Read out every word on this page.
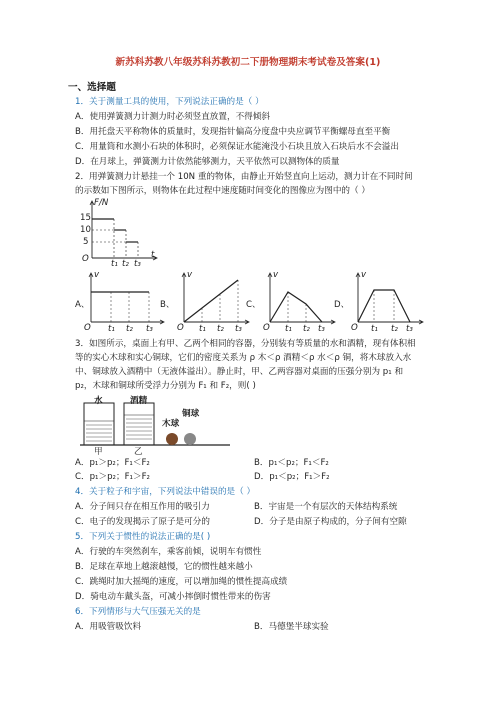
新苏科苏教八年级苏科苏教初二下册物理期末考试卷及答案(1)
一、选择题
1．关于测量工具的使用，下列说法正确的是（ ）
A．使用弹簧测力计测力时必须竖直放置，不得倾斜
B．用托盘天平称物体的质量时，发现指针偏高分度盘中央应调节平衡螺母直至平衡
C．用量筒和水测小石块的体积时，必须保证水能淹没小石块且放入石块后水不会溢出
D．在月球上，弹簧测力计依然能够测力，天平依然可以测物体的质量
2．用弹簧测力计悬挂一个 10N 重的物体，由静止开始竖直向上运动，测力计在不同时间
的示数如下图所示，则物体在此过程中速度随时间变化的图像应为图中的（ ）
F/N
15
10
5
O	t
t₁ t₂ t₃
A、
v
O t₁ t₂ t₃
B、
v
O t₁ t₂ t₃
C、
v
O t₁ t₂ t₃
D、
v
O t₁ t₂ t₃
3．如图所示，桌面上有甲、乙两个相同的容器，分别装有等质量的水和酒精，现有体积相
等的实心木球和实心铜球，它们的密度关系为 ρ 木＜ρ 酒精＜ρ 水＜ρ 铜，将木球放入水
中、铜球放入酒精中（无液体溢出）。静止时，甲、乙两容器对桌面的压强分别为 p₁ 和
p₂，木球和铜球所受浮力分别为 F₁ 和 F₂，则( )
水	酒精
木球
铜球
甲	乙
A．p₁＞p₂；F₁＜F₂	B．p₁＜p₂；F₁＜F₂
C．p₁＞p₂；F₁＞F₂	D．p₁＜p₂；F₁＞F₂
4．关于粒子和宇宙，下列说法中错误的是（ ）
A．分子间只存在相互作用的吸引力	B．宇宙是一个有层次的天体结构系统
C．电子的发现揭示了原子是可分的	D．分子是由原子构成的，分子间有空隙
5．下列关于惯性的说法正确的是( )
A．行驶的车突然刹车，乘客前倾，说明车有惯性
B．足球在草地上越滚越慢，它的惯性越来越小
C．跳绳时加大摇绳的速度，可以增加绳的惯性提高成绩
D．骑电动车戴头盔，可减小摔倒时惯性带来的伤害
6．下列情形与大气压强无关的是
A．用吸管吸饮料	B．马德堡半球实验
